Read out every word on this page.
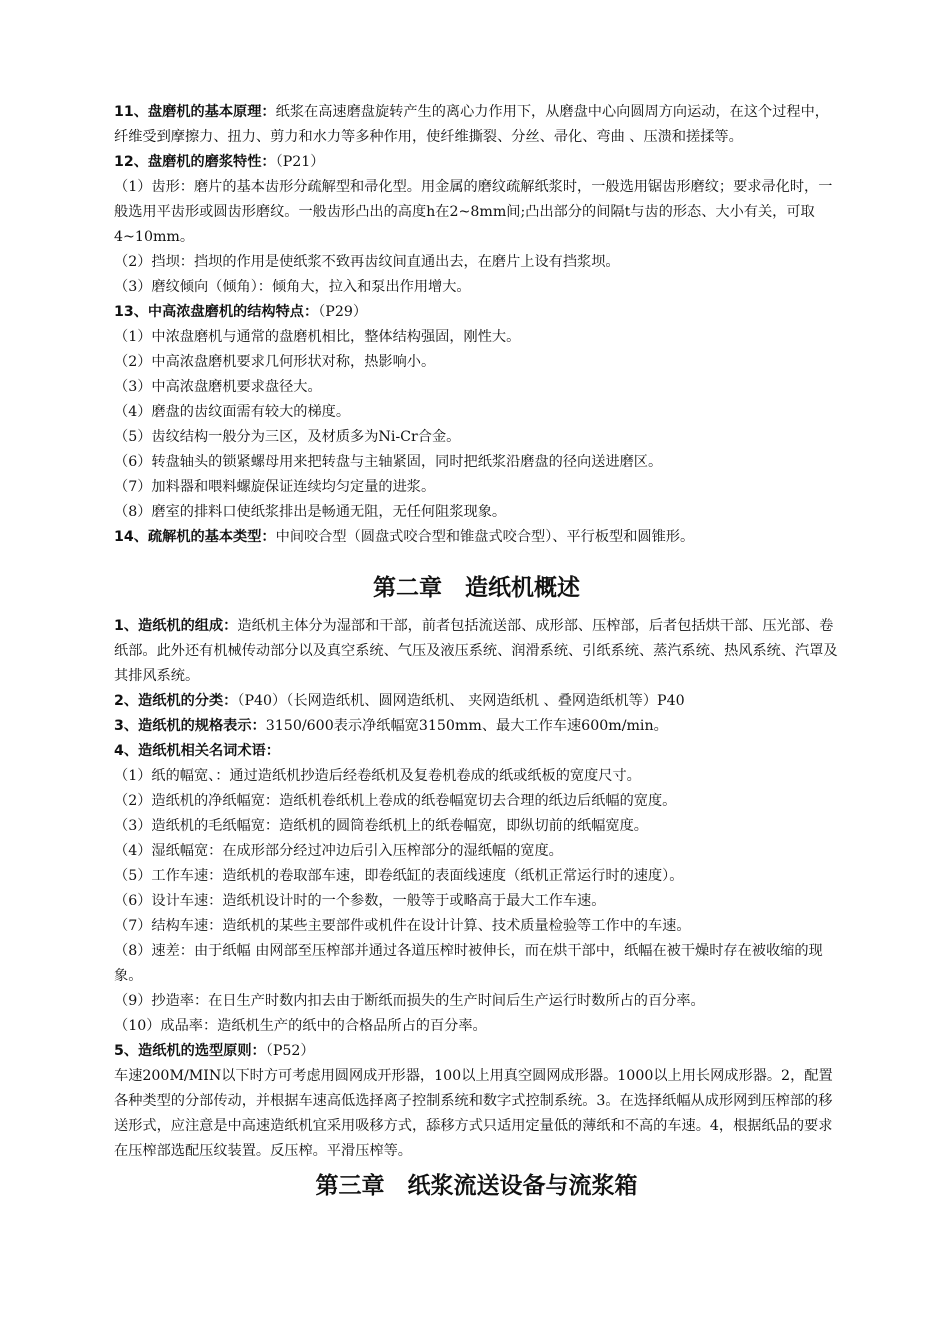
11、盘磨机的基本原理：纸浆在高速磨盘旋转产生的离心力作用下，从磨盘中心向圆周方向运动，在这个过程中，纤维受到摩擦力、扭力、剪力和水力等多种作用，使纤维撕裂、分丝、帚化、弯曲 、压溃和搓揉等。

12、盘磨机的磨浆特性：（P21）

（1）齿形：磨片的基本齿形分疏解型和帚化型。用金属的磨纹疏解纸浆时，一般选用锯齿形磨纹；要求帚化时，一般选用平齿形或圆齿形磨纹。一般齿形凸出的高度h在2~8mm间;凸出部分的间隔t与齿的形态、大小有关，可取4~10mm。

（2）挡坝：挡坝的作用是使纸浆不致再齿纹间直通出去，在磨片上设有挡浆坝。

（3）磨纹倾向（倾角）：倾角大，拉入和泵出作用增大。

13、中高浓盘磨机的结构特点：（P29）

（1）中浓盘磨机与通常的盘磨机相比，整体结构强固，刚性大。

（2）中高浓盘磨机要求几何形状对称，热影响小。

（3）中高浓盘磨机要求盘径大。

（4）磨盘的齿纹面需有较大的梯度。

（5）齿纹结构一般分为三区，及材质多为Ni-Cr合金。

（6）转盘轴头的锁紧螺母用来把转盘与主轴紧固，同时把纸浆沿磨盘的径向送进磨区。

（7）加料器和喂料螺旋保证连续均匀定量的进浆。

（8）磨室的排料口使纸浆排出是畅通无阻，无任何阻浆现象。

14、疏解机的基本类型：中间咬合型（圆盘式咬合型和锥盘式咬合型）、平行板型和圆锥形。

第二章　造纸机概述

1、造纸机的组成：造纸机主体分为湿部和干部，前者包括流送部、成形部、压榨部，后者包括烘干部、压光部、卷纸部。此外还有机械传动部分以及真空系统、气压及液压系统、润滑系统、引纸系统、蒸汽系统、热风系统、汽罩及其排风系统。

2、造纸机的分类：（P40）（长网造纸机、圆网造纸机、 夹网造纸机 、叠网造纸机等）P40

3、造纸机的规格表示：3150/600表示净纸幅宽3150mm、最大工作车速600m/min。

4、造纸机相关名词术语：

（1）纸的幅宽、：通过造纸机抄造后经卷纸机及复卷机卷成的纸或纸板的宽度尺寸。

（2）造纸机的净纸幅宽：造纸机卷纸机上卷成的纸卷幅宽切去合理的纸边后纸幅的宽度。

（3）造纸机的毛纸幅宽：造纸机的圆筒卷纸机上的纸卷幅宽，即纵切前的纸幅宽度。

（4）湿纸幅宽：在成形部分经过冲边后引入压榨部分的湿纸幅的宽度。

（5）工作车速：造纸机的卷取部车速，即卷纸缸的表面线速度（纸机正常运行时的速度）。

（6）设计车速：造纸机设计时的一个参数，一般等于或略高于最大工作车速。

（7）结构车速：造纸机的某些主要部件或机件在设计计算、技术质量检验等工作中的车速。

（8）速差：由于纸幅 由网部至压榨部并通过各道压榨时被伸长，而在烘干部中，纸幅在被干燥时存在被收缩的现象。

（9）抄造率：在日生产时数内扣去由于断纸而损失的生产时间后生产运行时数所占的百分率。

（10）成品率：造纸机生产的纸中的合格品所占的百分率。

5、造纸机的选型原则：（P52）

车速200M/MIN以下时方可考虑用圆网成开形器，100以上用真空圆网成形器。1000以上用长网成形器。2，配置各种类型的分部传动，并根据车速高低选择离子控制系统和数字式控制系统。3。在选择纸幅从成形网到压榨部的移送形式，应注意是中高速造纸机宜采用吸移方式，舔移方式只适用定量低的薄纸和不高的车速。4，根据纸品的要求在压榨部选配压纹装置。反压榨。平滑压榨等。

第三章　纸浆流送设备与流浆箱
